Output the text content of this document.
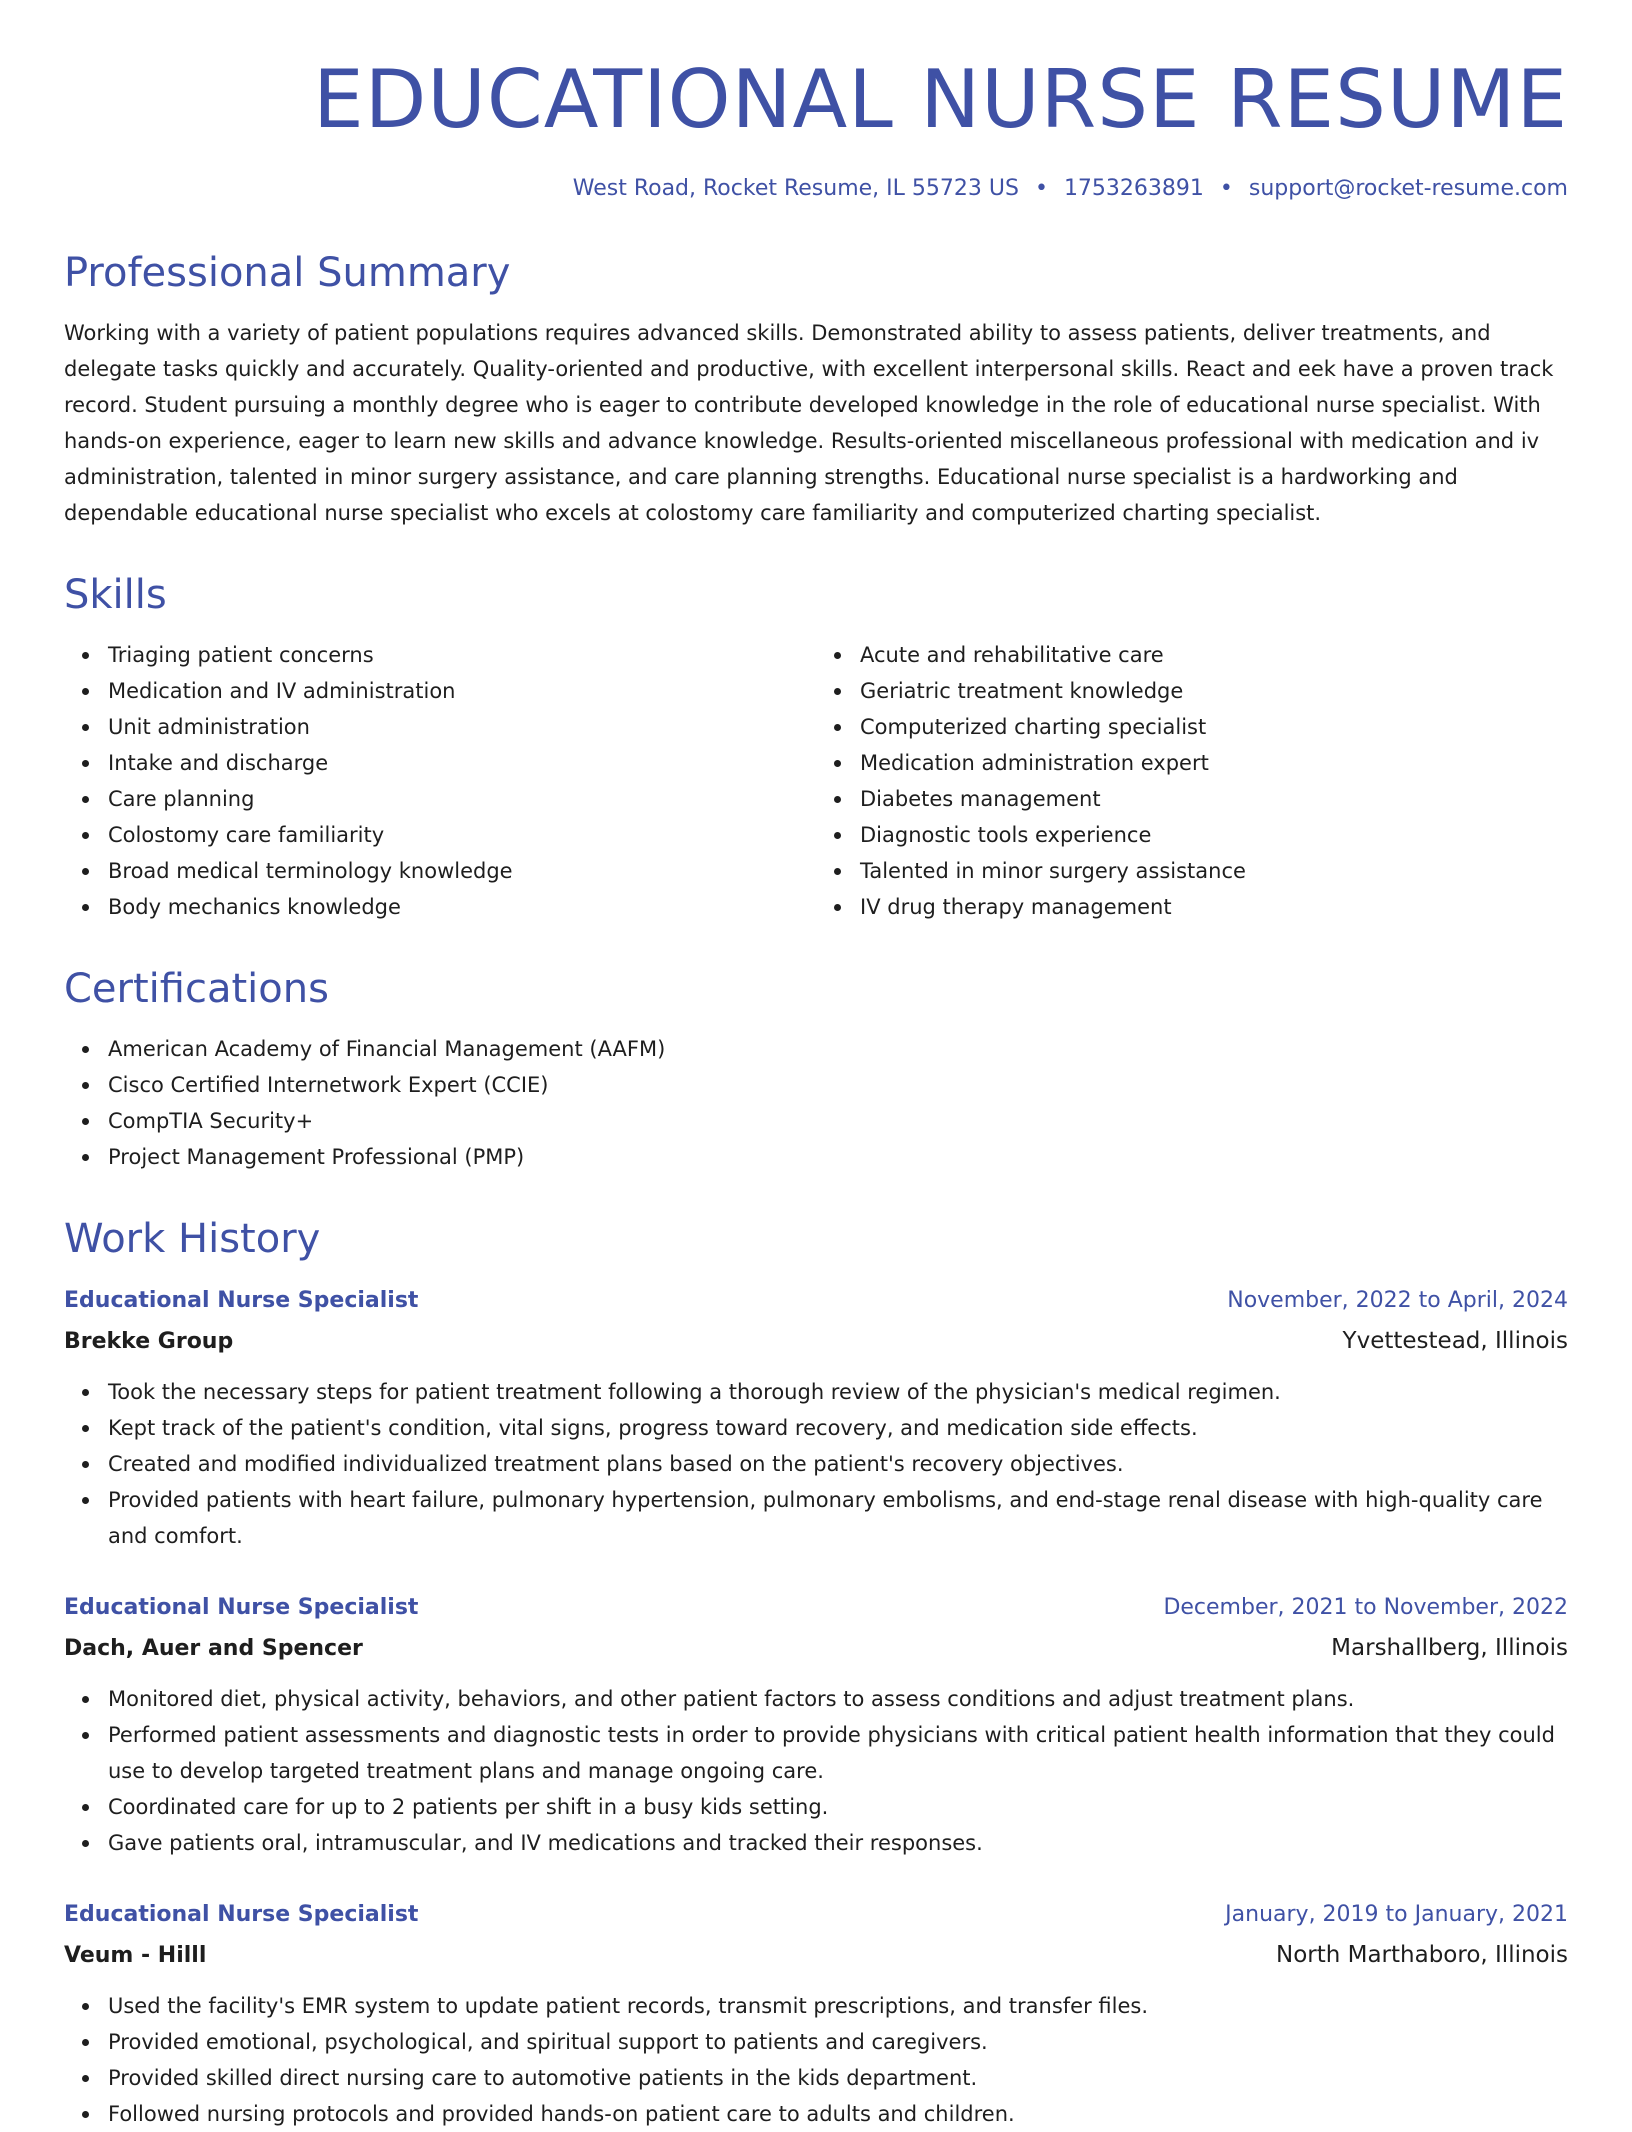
EDUCATIONAL NURSE RESUME
West Road, Rocket Resume, IL 55723 US • 1753263891 • support@rocket-resume.com
Professional Summary

Working with a variety of patient populations requires advanced skills. Demonstrated ability to assess patients, deliver treatments, and delegate tasks quickly and accurately. Quality-oriented and productive, with excellent interpersonal skills. React and eek have a proven track record. Student pursuing a monthly degree who is eager to contribute developed knowledge in the role of educational nurse specialist. With hands-on experience, eager to learn new skills and advance knowledge. Results-oriented miscellaneous professional with medication and iv administration, talented in minor surgery assistance, and care planning strengths. Educational nurse specialist is a hardworking and dependable educational nurse specialist who excels at colostomy care familiarity and computerized charting specialist.

Skills
Triaging patient concerns
Medication and IV administration
Unit administration
Intake and discharge
Care planning
Colostomy care familiarity
Broad medical terminology knowledge
Body mechanics knowledge
Acute and rehabilitative care
Geriatric treatment knowledge
Computerized charting specialist
Medication administration expert
Diabetes management
Diagnostic tools experience
Talented in minor surgery assistance
IV drug therapy management
Certifications
American Academy of Financial Management (AAFM)
Cisco Certified Internetwork Expert (CCIE)
CompTIA Security+
Project Management Professional (PMP)
Work History
Educational Nurse Specialist	November, 2022 to April, 2024
Brekke Group	Yvettestead, Illinois
Took the necessary steps for patient treatment following a thorough review of the physician's medical regimen.
Kept track of the patient's condition, vital signs, progress toward recovery, and medication side effects.
Created and modified individualized treatment plans based on the patient's recovery objectives.
Provided patients with heart failure, pulmonary hypertension, pulmonary embolisms, and end-stage renal disease with high-quality care and comfort.
Educational Nurse Specialist	December, 2021 to November, 2022
Dach, Auer and Spencer	Marshallberg, Illinois
Monitored diet, physical activity, behaviors, and other patient factors to assess conditions and adjust treatment plans.
Performed patient assessments and diagnostic tests in order to provide physicians with critical patient health information that they could use to develop targeted treatment plans and manage ongoing care.
Coordinated care for up to 2 patients per shift in a busy kids setting.
Gave patients oral, intramuscular, and IV medications and tracked their responses.
Educational Nurse Specialist	January, 2019 to January, 2021
Veum - Hilll	North Marthaboro, Illinois
Used the facility's EMR system to update patient records, transmit prescriptions, and transfer files.
Provided emotional, psychological, and spiritual support to patients and caregivers.
Provided skilled direct nursing care to automotive patients in the kids department.
Followed nursing protocols and provided hands-on patient care to adults and children.
